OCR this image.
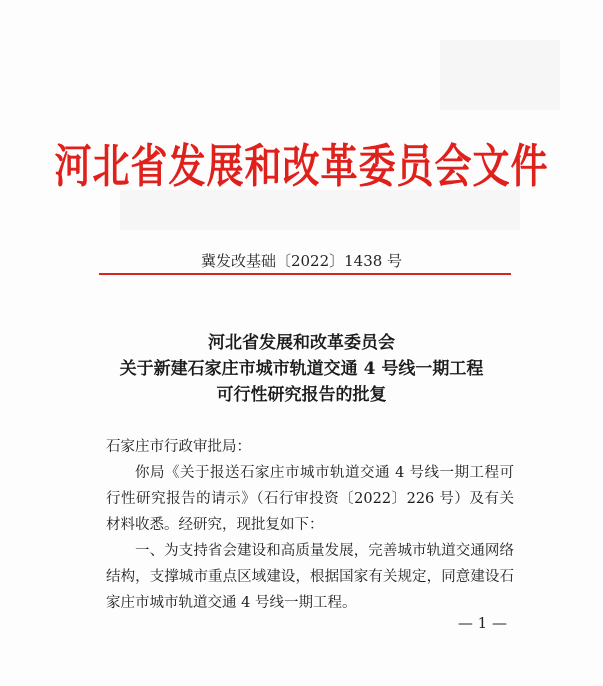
河北省发展和改革委员会文件
冀发改基础〔2022〕1438 号
河北省发展和改革委员会
关于新建石家庄市城市轨道交通 4 号线一期工程
可行性研究报告的批复

石家庄市行政审批局：

你局《关于报送石家庄市城市轨道交通 4 号线一期工程可行性研究报告的请示》（石行审投资〔2022〕226 号）及有关材料收悉。经研究，现批复如下：

一、为支持省会建设和高质量发展，完善城市轨道交通网络结构，支撑城市重点区域建设，根据国家有关规定，同意建设石家庄市城市轨道交通 4 号线一期工程。

— 1 —
